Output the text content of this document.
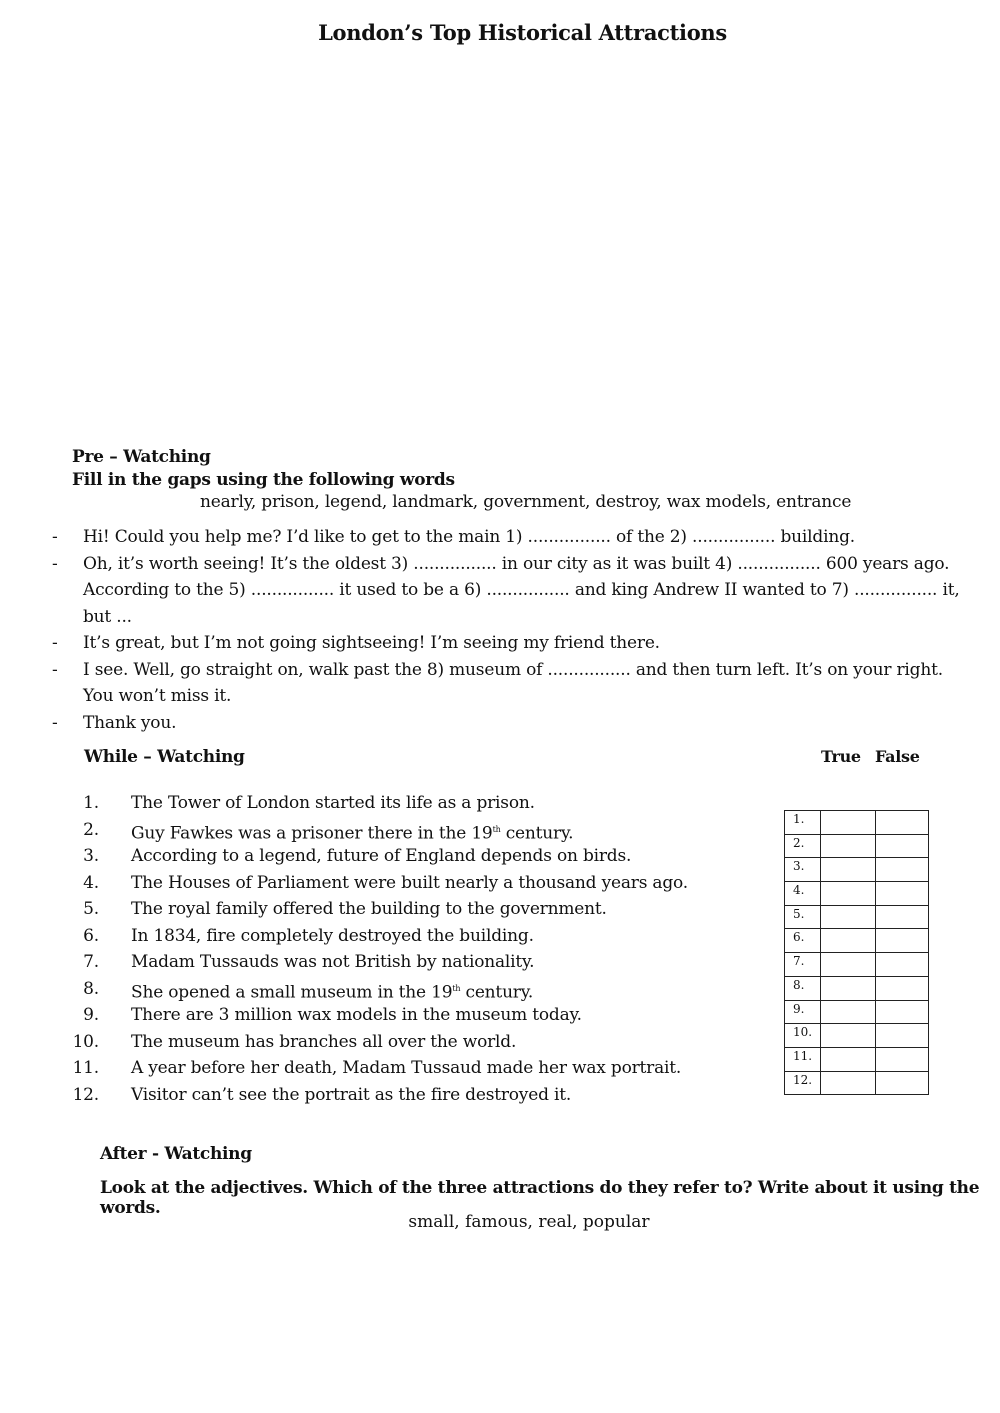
London’s Top Historical Attractions
Pre – Watching
Fill in the gaps using the following words
nearly, prison, legend, landmark, government, destroy, wax models, entrance
- Hi! Could you help me? I’d like to get to the main 1) ................ of the 2) ................ building.
- Oh, it’s worth seeing! It’s the oldest 3) ................ in our city as it was built 4) ................ 600 years ago. According to the 5) ................ it used to be a 6) ................ and king Andrew II wanted to 7) ................ it, but ...
- It’s great, but I’m not going sightseeing! I’m seeing my friend there.
- I see. Well, go straight on, walk past the 8) museum of ................ and then turn left. It’s on your right. You won’t miss it.
- Thank you.
While – Watching	True False
1. The Tower of London started its life as a prison.
2. Guy Fawkes was a prisoner there in the 19th century.
3. According to a legend, future of England depends on birds.
4. The Houses of Parliament were built nearly a thousand years ago.
5. The royal family offered the building to the government.
6. In 1834, fire completely destroyed the building.
7. Madam Tussauds was not British by nationality.
8. She opened a small museum in the 19th century.
9. There are 3 million wax models in the museum today.
10. The museum has branches all over the world.
11. A year before her death, Madam Tussaud made her wax portrait.
12. Visitor can’t see the portrait as the fire destroyed it.
1.		
2.		
3.		
4.		
5.		
6.		
7.		
8.		
9.		
10.		
11.		
12.		
After - Watching
Look at the adjectives. Which of the three attractions do they refer to? Write about it using the words.
small, famous, real, popular
